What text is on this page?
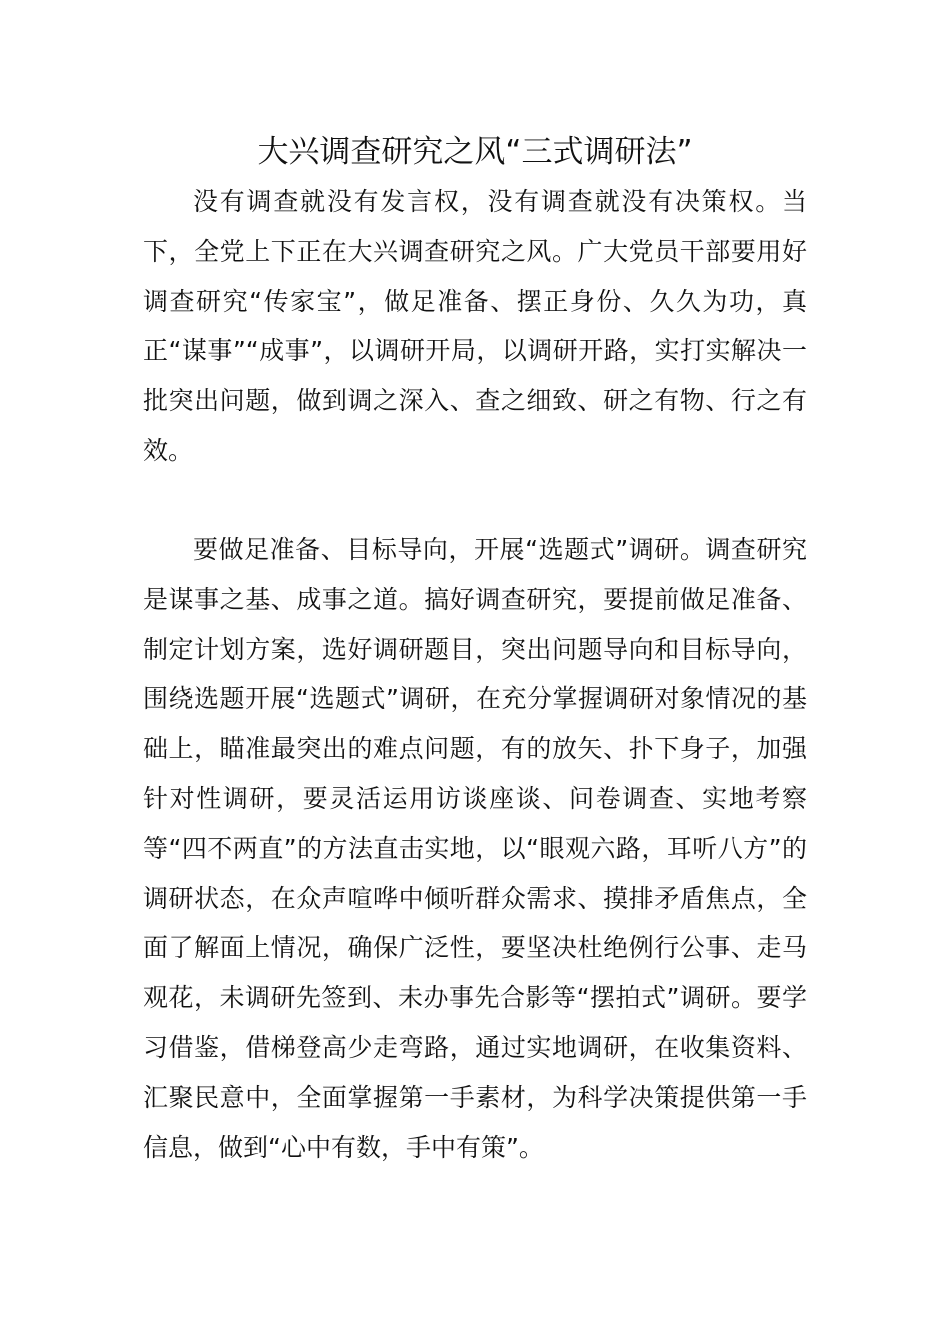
大兴调查研究之风“三式调研法”

没有调查就没有发言权，没有调查就没有决策权。当下，全党上下正在大兴调查研究之风。广大党员干部要用好调查研究“传家宝”，做足准备、摆正身份、久久为功，真正“谋事”“成事”，以调研开局，以调研开路，实打实解决一批突出问题，做到调之深入、查之细致、研之有物、行之有效。

要做足准备、目标导向，开展“选题式”调研。调查研究是谋事之基、成事之道。搞好调查研究，要提前做足准备、制定计划方案，选好调研题目，突出问题导向和目标导向，围绕选题开展“选题式”调研，在充分掌握调研对象情况的基础上，瞄准最突出的难点问题，有的放矢、扑下身子，加强针对性调研，要灵活运用访谈座谈、问卷调查、实地考察等“四不两直”的方法直击实地，以“眼观六路，耳听八方”的调研状态，在众声喧哗中倾听群众需求、摸排矛盾焦点，全面了解面上情况，确保广泛性，要坚决杜绝例行公事、走马观花，未调研先签到、未办事先合影等“摆拍式”调研。要学习借鉴，借梯登高少走弯路，通过实地调研，在收集资料、汇聚民意中，全面掌握第一手素材，为科学决策提供第一手信息，做到“心中有数，手中有策”。
